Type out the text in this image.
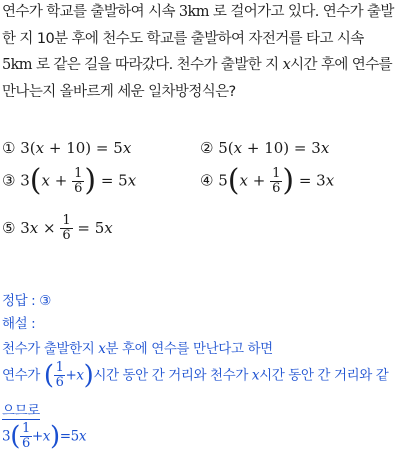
연수가 학교를 출발하여 시속 3km 로 걸어가고 있다. 연수가 출발
한 지 10분 후에 천수도 학교를 출발하여 자전거를 타고 시속
5km 로 같은 길을 따라갔다. 천수가 출발한 지 x시간 후에 연수를
만나는지 올바르게 세운 일차방정식은?
① 3(x + 10) = 5x	② 5(x + 10) = 3x
③ $3(x + \frac{1}{6}$ ) = 5x	④ $5(x + \frac{1}{6}$ ) = 3x
⑤ $3x \times \frac{1}{6} = 5x$
정답 : ③
해설 :
천수가 출발한지 x분 후에 연수를 만난다고 하면
연수가 ( $\frac{1}{6} +x$)시간 동안 간 거리와 천수가 x시간 동안 간 거리와 같
으므로
$3( \frac{1}{6} +x)=5x$
